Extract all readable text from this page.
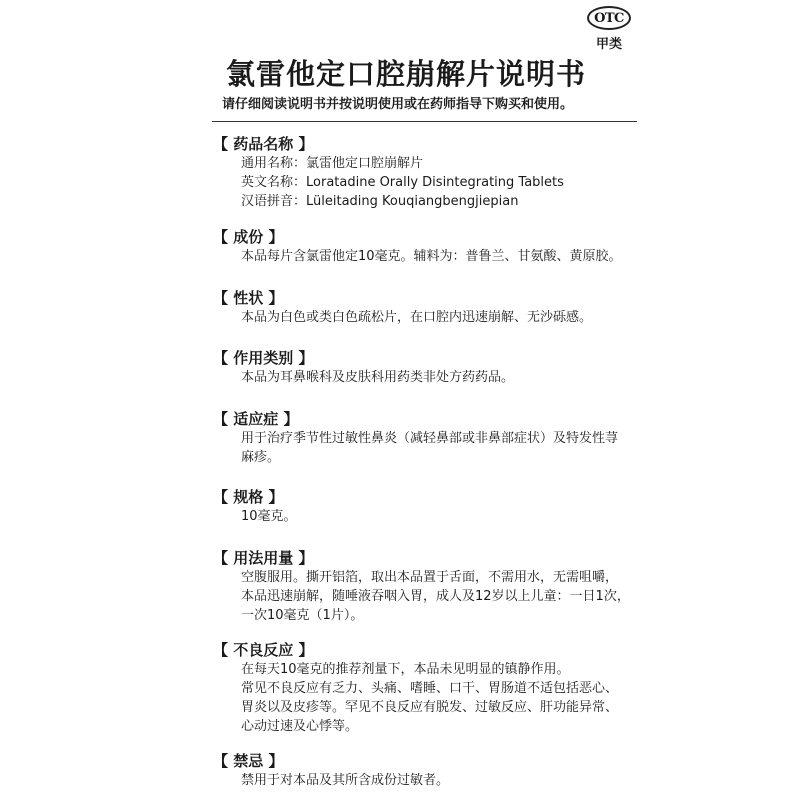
OTC
甲类
氯雷他定口腔崩解片说明书
请仔细阅读说明书并按说明使用或在药师指导下购买和使用。
【 药品名称 】
通用名称：氯雷他定口腔崩解片
英文名称：Loratadine Orally Disintegrating Tablets
汉语拼音：Lüleitading Kouqiangbengjiepian
【 成份 】
本品每片含氯雷他定10毫克。辅料为：普鲁兰、甘氨酸、黄原胶。
【 性状 】
本品为白色或类白色疏松片，在口腔内迅速崩解、无沙砾感。
【 作用类别 】
本品为耳鼻喉科及皮肤科用药类非处方药药品。
【 适应症 】
用于治疗季节性过敏性鼻炎（减轻鼻部或非鼻部症状）及特发性荨
麻疹。
【 规格 】
10毫克。
【 用法用量 】
空腹服用。撕开铝箔，取出本品置于舌面，不需用水，无需咀嚼，
本品迅速崩解，随唾液吞咽入胃，成人及12岁以上儿童：一日1次，
一次10毫克（1片）。
【 不良反应 】
在每天10毫克的推荐剂量下，本品未见明显的镇静作用。
常见不良反应有乏力、头痛、嗜睡、口干、胃肠道不适包括恶心、
胃炎以及皮疹等。罕见不良反应有脱发、过敏反应、肝功能异常、
心动过速及心悸等。
【 禁忌 】
禁用于对本品及其所含成份过敏者。
